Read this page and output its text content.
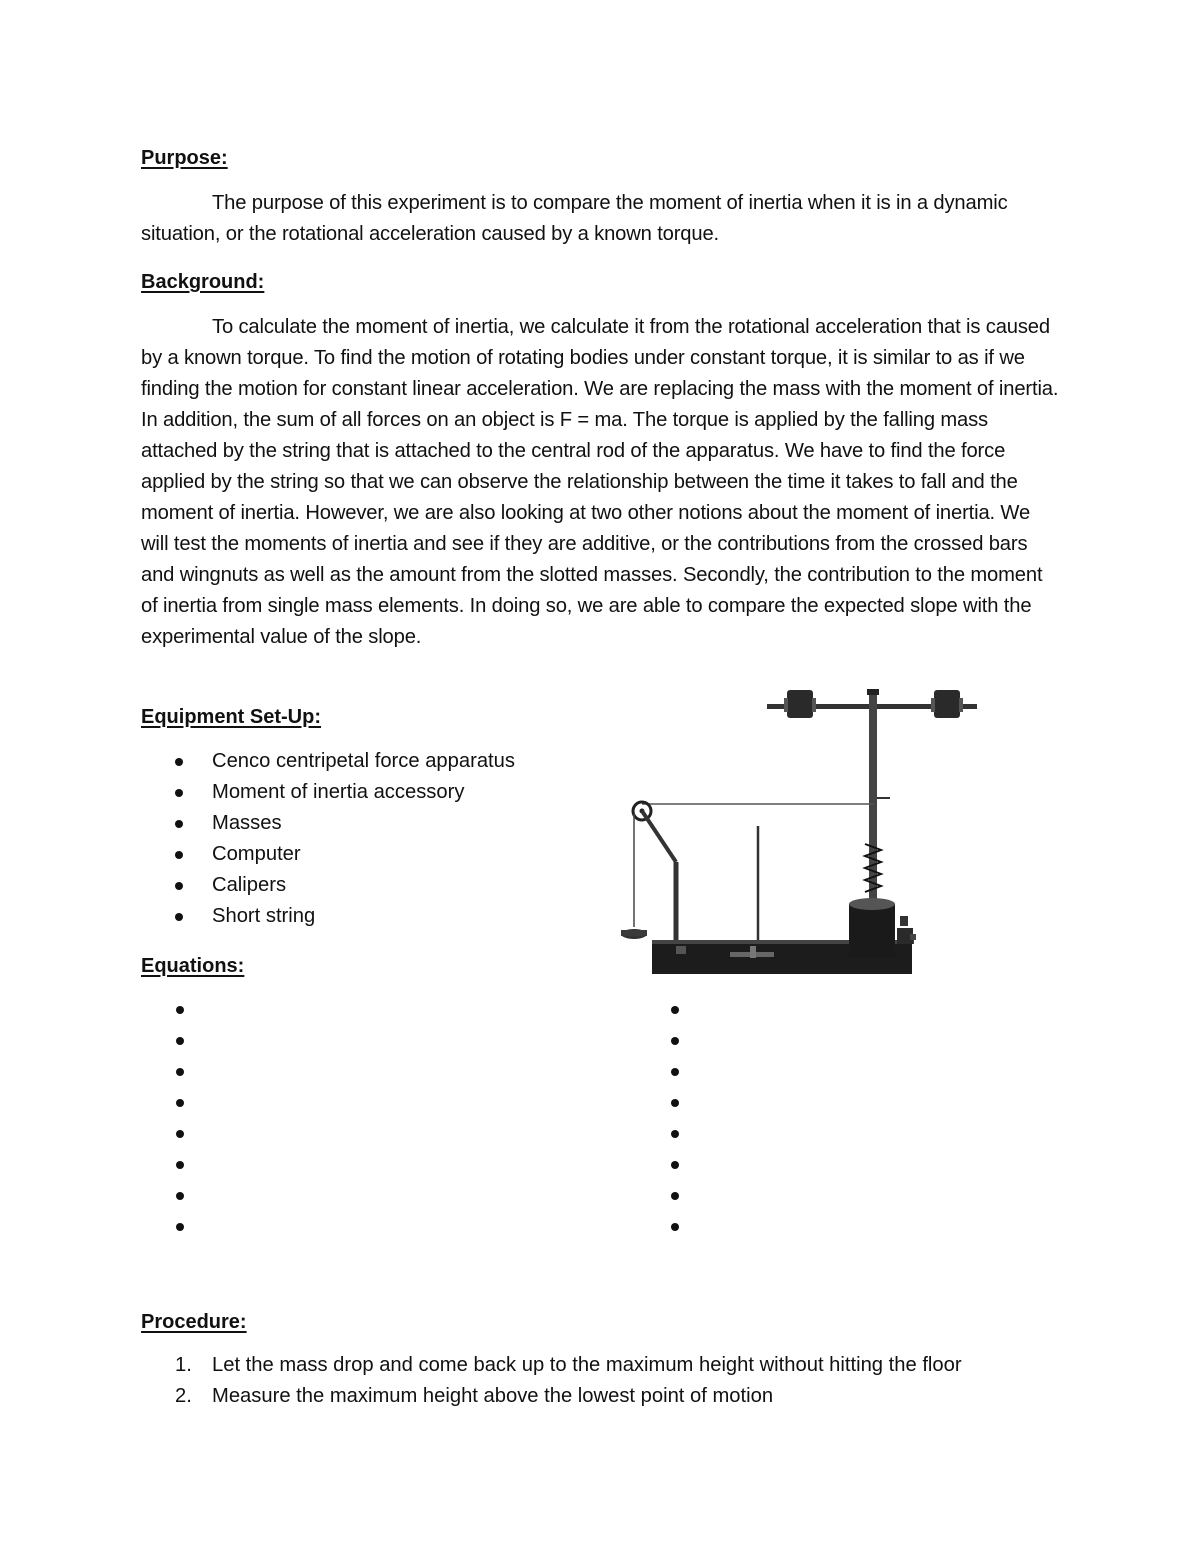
Purpose:

The purpose of this experiment is to compare the moment of inertia when it is in a dynamic situation, or the rotational acceleration caused by a known torque.

Background:

To calculate the moment of inertia, we calculate it from the rotational acceleration that is caused by a known torque. To find the motion of rotating bodies under constant torque, it is similar to as if we finding the motion for constant linear acceleration. We are replacing the mass with the moment of inertia. In addition, the sum of all forces on an object is F = ma. The torque is applied by the falling mass attached by the string that is attached to the central rod of the apparatus. We have to find the force applied by the string so that we can observe the relationship between the time it takes to fall and the moment of inertia. However, we are also looking at two other notions about the moment of inertia. We will test the moments of inertia and see if they are additive, or the contributions from the crossed bars and wingnuts as well as the amount from the slotted masses. Secondly, the contribution to the moment of inertia from single mass elements. In doing so, we are able to compare the expected slope with the experimental value of the slope.

Equipment Set-Up:
Cenco centripetal force apparatus
Moment of inertia accessory
Masses
Computer
Calipers
Short string
Equations:
Procedure:
1. Let the mass drop and come back up to the maximum height without hitting the floor
2. Measure the maximum height above the lowest point of motion
